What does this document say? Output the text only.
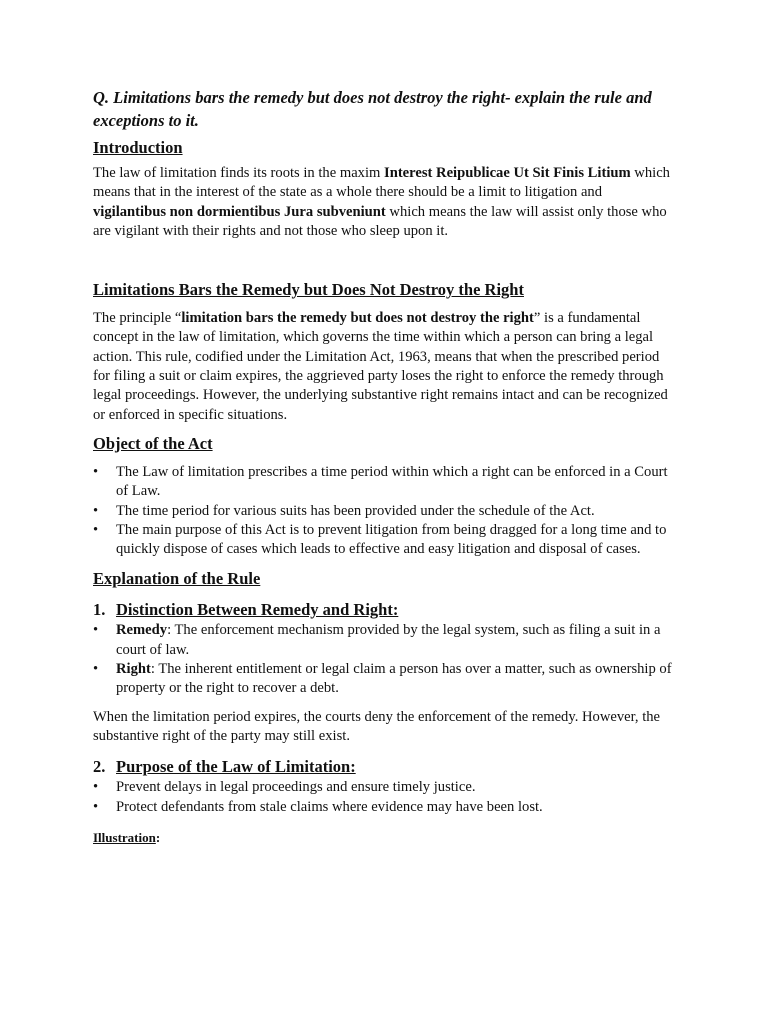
Q. Limitations bars the remedy but does not destroy the right- explain the rule and exceptions to it.

Introduction

The law of limitation finds its roots in the maxim Interest Reipublicae Ut Sit Finis Litium which means that in the interest of the state as a whole there should be a limit to litigation and vigilantibus non dormientibus Jura subveniunt which means the law will assist only those who are vigilant with their rights and not those who sleep upon it.

Limitations Bars the Remedy but Does Not Destroy the Right

The principle “limitation bars the remedy but does not destroy the right” is a fundamental concept in the law of limitation, which governs the time within which a person can bring a legal action. This rule, codified under the Limitation Act, 1963, means that when the prescribed period for filing a suit or claim expires, the aggrieved party loses the right to enforce the remedy through legal proceedings. However, the underlying substantive right remains intact and can be recognized or enforced in specific situations.

Object of the Act
• The Law of limitation prescribes a time period within which a right can be enforced in a Court of Law.
• The time period for various suits has been provided under the schedule of the Act.
• The main purpose of this Act is to prevent litigation from being dragged for a long time and to quickly dispose of cases which leads to effective and easy litigation and disposal of cases.
Explanation of the Rule
1. Distinction Between Remedy and Right:
• Remedy: The enforcement mechanism provided by the legal system, such as filing a suit in a court of law.
• Right: The inherent entitlement or legal claim a person has over a matter, such as ownership of property or the right to recover a debt.

When the limitation period expires, the courts deny the enforcement of the remedy. However, the substantive right of the party may still exist.

2. Purpose of the Law of Limitation:
• Prevent delays in legal proceedings and ensure timely justice.
• Protect defendants from stale claims where evidence may have been lost.
Illustration:
